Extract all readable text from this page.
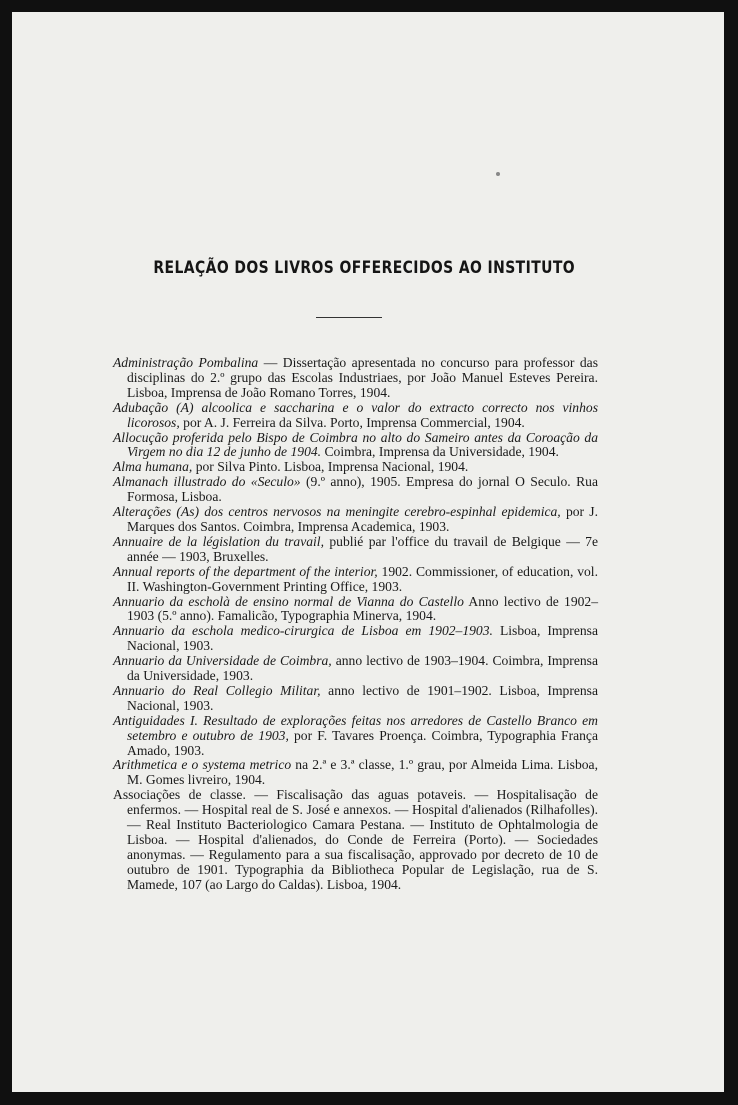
RELAÇÃO DOS LIVROS OFFERECIDOS AO INSTITUTO

Administração Pombalina — Dissertação apresentada no concurso para professor das disciplinas do 2.º grupo das Escolas Industriaes, por João Manuel Esteves Pereira. Lisboa, Imprensa de João Romano Torres, 1904.

Adubação (A) alcoolica e saccharina e o valor do extracto correcto nos vinhos licorosos, por A. J. Ferreira da Silva. Porto, Imprensa Commercial, 1904.

Allocução proferida pelo Bispo de Coimbra no alto do Sameiro antes da Coroação da Virgem no dia 12 de junho de 1904. Coimbra, Imprensa da Universidade, 1904.

Alma humana, por Silva Pinto. Lisboa, Imprensa Nacional, 1904.

Almanach illustrado do «Seculo» (9.º anno), 1905. Empresa do jornal O Seculo. Rua Formosa, Lisboa.

Alterações (As) dos centros nervosos na meningite cerebro-espinhal epidemica, por J. Marques dos Santos. Coimbra, Imprensa Academica, 1903.

Annuaire de la législation du travail, publié par l'office du travail de Belgique — 7e année — 1903, Bruxelles.

Annual reports of the department of the interior, 1902. Commissioner, of education, vol. II. Washington-Government Printing Office, 1903.

Annuario da escholà de ensino normal de Vianna do Castello Anno lectivo de 1902–1903 (5.º anno). Famalicão, Typographia Minerva, 1904.

Annuario da eschola medico-cirurgica de Lisboa em 1902–1903. Lisboa, Imprensa Nacional, 1903.

Annuario da Universidade de Coimbra, anno lectivo de 1903–1904. Coimbra, Imprensa da Universidade, 1903.

Annuario do Real Collegio Militar, anno lectivo de 1901–1902. Lisboa, Imprensa Nacional, 1903.

Antiguidades I. Resultado de explorações feitas nos arredores de Castello Branco em setembro e outubro de 1903, por F. Tavares Proença. Coimbra, Typographia França Amado, 1903.

Arithmetica e o systema metrico na 2.ª e 3.ª classe, 1.º grau, por Almeida Lima. Lisboa, M. Gomes livreiro, 1904.

Associações de classe. — Fiscalisação das aguas potaveis. — Hospitalisação de enfermos. — Hospital real de S. José e annexos. — Hospital d'alienados (Rilhafolles). — Real Instituto Bacteriologico Camara Pestana. — Instituto de Ophtalmologia de Lisboa. — Hospital d'alienados, do Conde de Ferreira (Porto). — Sociedades anonymas. — Regulamento para a sua fiscalisação, approvado por decreto de 10 de outubro de 1901. Typographia da Bibliotheca Popular de Legislação, rua de S. Mamede, 107 (ao Largo do Caldas). Lisboa, 1904.
